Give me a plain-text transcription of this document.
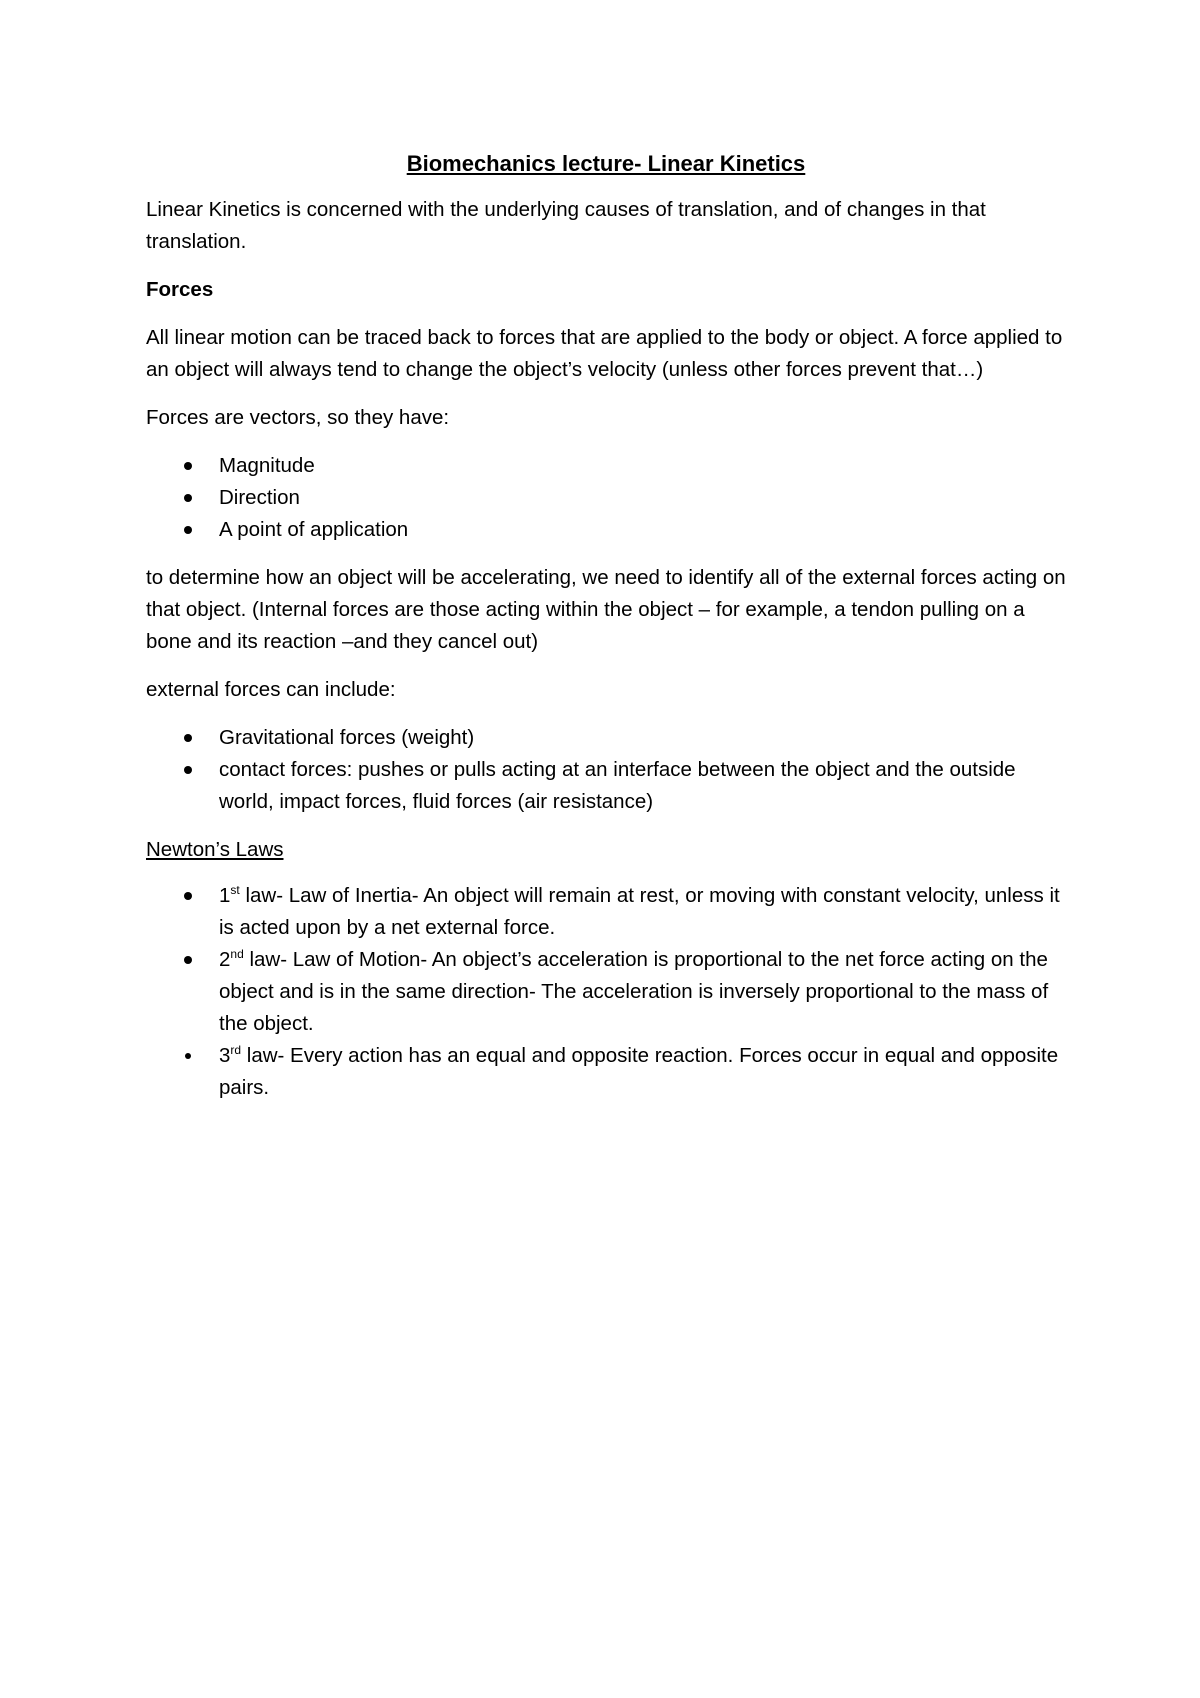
Biomechanics lecture- Linear Kinetics

Linear Kinetics is concerned with the underlying causes of translation, and of changes in that translation.

Forces

All linear motion can be traced back to forces that are applied to the body or object. A force applied to an object will always tend to change the object’s velocity (unless other forces prevent that…)

Forces are vectors, so they have:

Magnitude
Direction
A point of application

to determine how an object will be accelerating, we need to identify all of the external forces acting on that object. (Internal forces are those acting within the object – for example, a tendon pulling on a bone and its reaction –and they cancel out)

external forces can include:

Gravitational forces (weight)
contact forces: pushes or pulls acting at an interface between the object and the outside world, impact forces, fluid forces (air resistance)
Newton’s Laws
1st law- Law of Inertia- An object will remain at rest, or moving with constant velocity, unless it is acted upon by a net external force.
2nd law- Law of Motion- An object’s acceleration is proportional to the net force acting on the object and is in the same direction- The acceleration is inversely proportional to the mass of the object.
3rd law- Every action has an equal and opposite reaction. Forces occur in equal and opposite pairs.
